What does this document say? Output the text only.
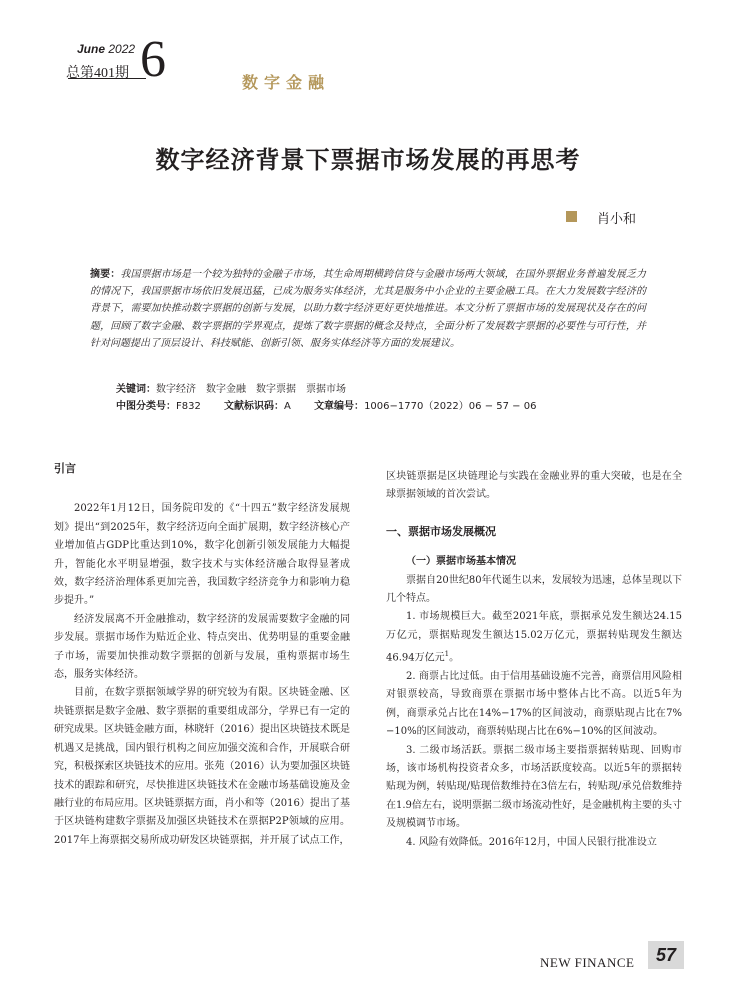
June 2022
总第401期 6	数字金融
数字经济背景下票据市场发展的再思考
肖小和
摘要：我国票据市场是一个较为独特的金融子市场，其生命周期横跨信贷与金融市场两大领域，在国外票据业务普遍发展乏力的情况下，我国票据市场依旧发展迅猛，已成为服务实体经济，尤其是服务中小企业的主要金融工具。在大力发展数字经济的背景下，需要加快推动数字票据的创新与发展，以助力数字经济更好更快地推进。本文分析了票据市场的发展现状及存在的问题，回顾了数字金融、数字票据的学界观点，提炼了数字票据的概念及特点，全面分析了发展数字票据的必要性与可行性，并针对问题提出了顶层设计、科技赋能、创新引领、服务实体经济等方面的发展建议。
关键词：数字经济　数字金融　数字票据　票据市场
中图分类号：F832 文献标识码：A 文章编号：1006−1770（2022）06 − 57 − 06

引言

2022年1月12日，国务院印发的《“十四五”数字经济发展规划》提出“到2025年，数字经济迈向全面扩展期，数字经济核心产业增加值占GDP比重达到10%，数字化创新引领发展能力大幅提升，智能化水平明显增强，数字技术与实体经济融合取得显著成效，数字经济治理体系更加完善，我国数字经济竞争力和影响力稳步提升。”

经济发展离不开金融推动，数字经济的发展需要数字金融的同步发展。票据市场作为贴近企业、特点突出、优势明显的重要金融子市场，需要加快推动数字票据的创新与发展，重构票据市场生态，服务实体经济。

目前，在数字票据领域学界的研究较为有限。区块链金融、区块链票据是数字金融、数字票据的重要组成部分，学界已有一定的研究成果。区块链金融方面，林晓轩（2016）提出区块链技术既是机遇又是挑战，国内银行机构之间应加强交流和合作，开展联合研究，积极探索区块链技术的应用。张苑（2016）认为要加强区块链技术的跟踪和研究，尽快推进区块链技术在金融市场基础设施及金融行业的布局应用。区块链票据方面，肖小和等（2016）提出了基于区块链构建数字票据及加强区块链技术在票据P2P领域的应用。2017年上海票据交易所成功研发区块链票据，并开展了试点工作，

区块链票据是区块链理论与实践在金融业界的重大突破，也是在全球票据领域的首次尝试。

一、票据市场发展概况

（一）票据市场基本情况

票据自20世纪80年代诞生以来，发展较为迅速，总体呈现以下几个特点。

1. 市场规模巨大。截至2021年底，票据承兑发生额达24.15万亿元，票据贴现发生额达15.02万亿元，票据转贴现发生额达46.94万亿元$^1$。

2. 商票占比过低。由于信用基础设施不完善，商票信用风险相对银票较高，导致商票在票据市场中整体占比不高。以近5年为例，商票承兑占比在14%−17%的区间波动，商票贴现占比在7%−10%的区间波动，商票转贴现占比在6%−10%的区间波动。

3. 二级市场活跃。票据二级市场主要指票据转贴现、回购市场，该市场机构投资者众多，市场活跃度较高。以近5年的票据转贴现为例，转贴现/贴现倍数维持在3倍左右，转贴现/承兑倍数维持在1.9倍左右，说明票据二级市场流动性好，是金融机构主要的头寸及规模调节市场。

4. 风险有效降低。2016年12月，中国人民银行批准设立

NEW FINANCE	57
